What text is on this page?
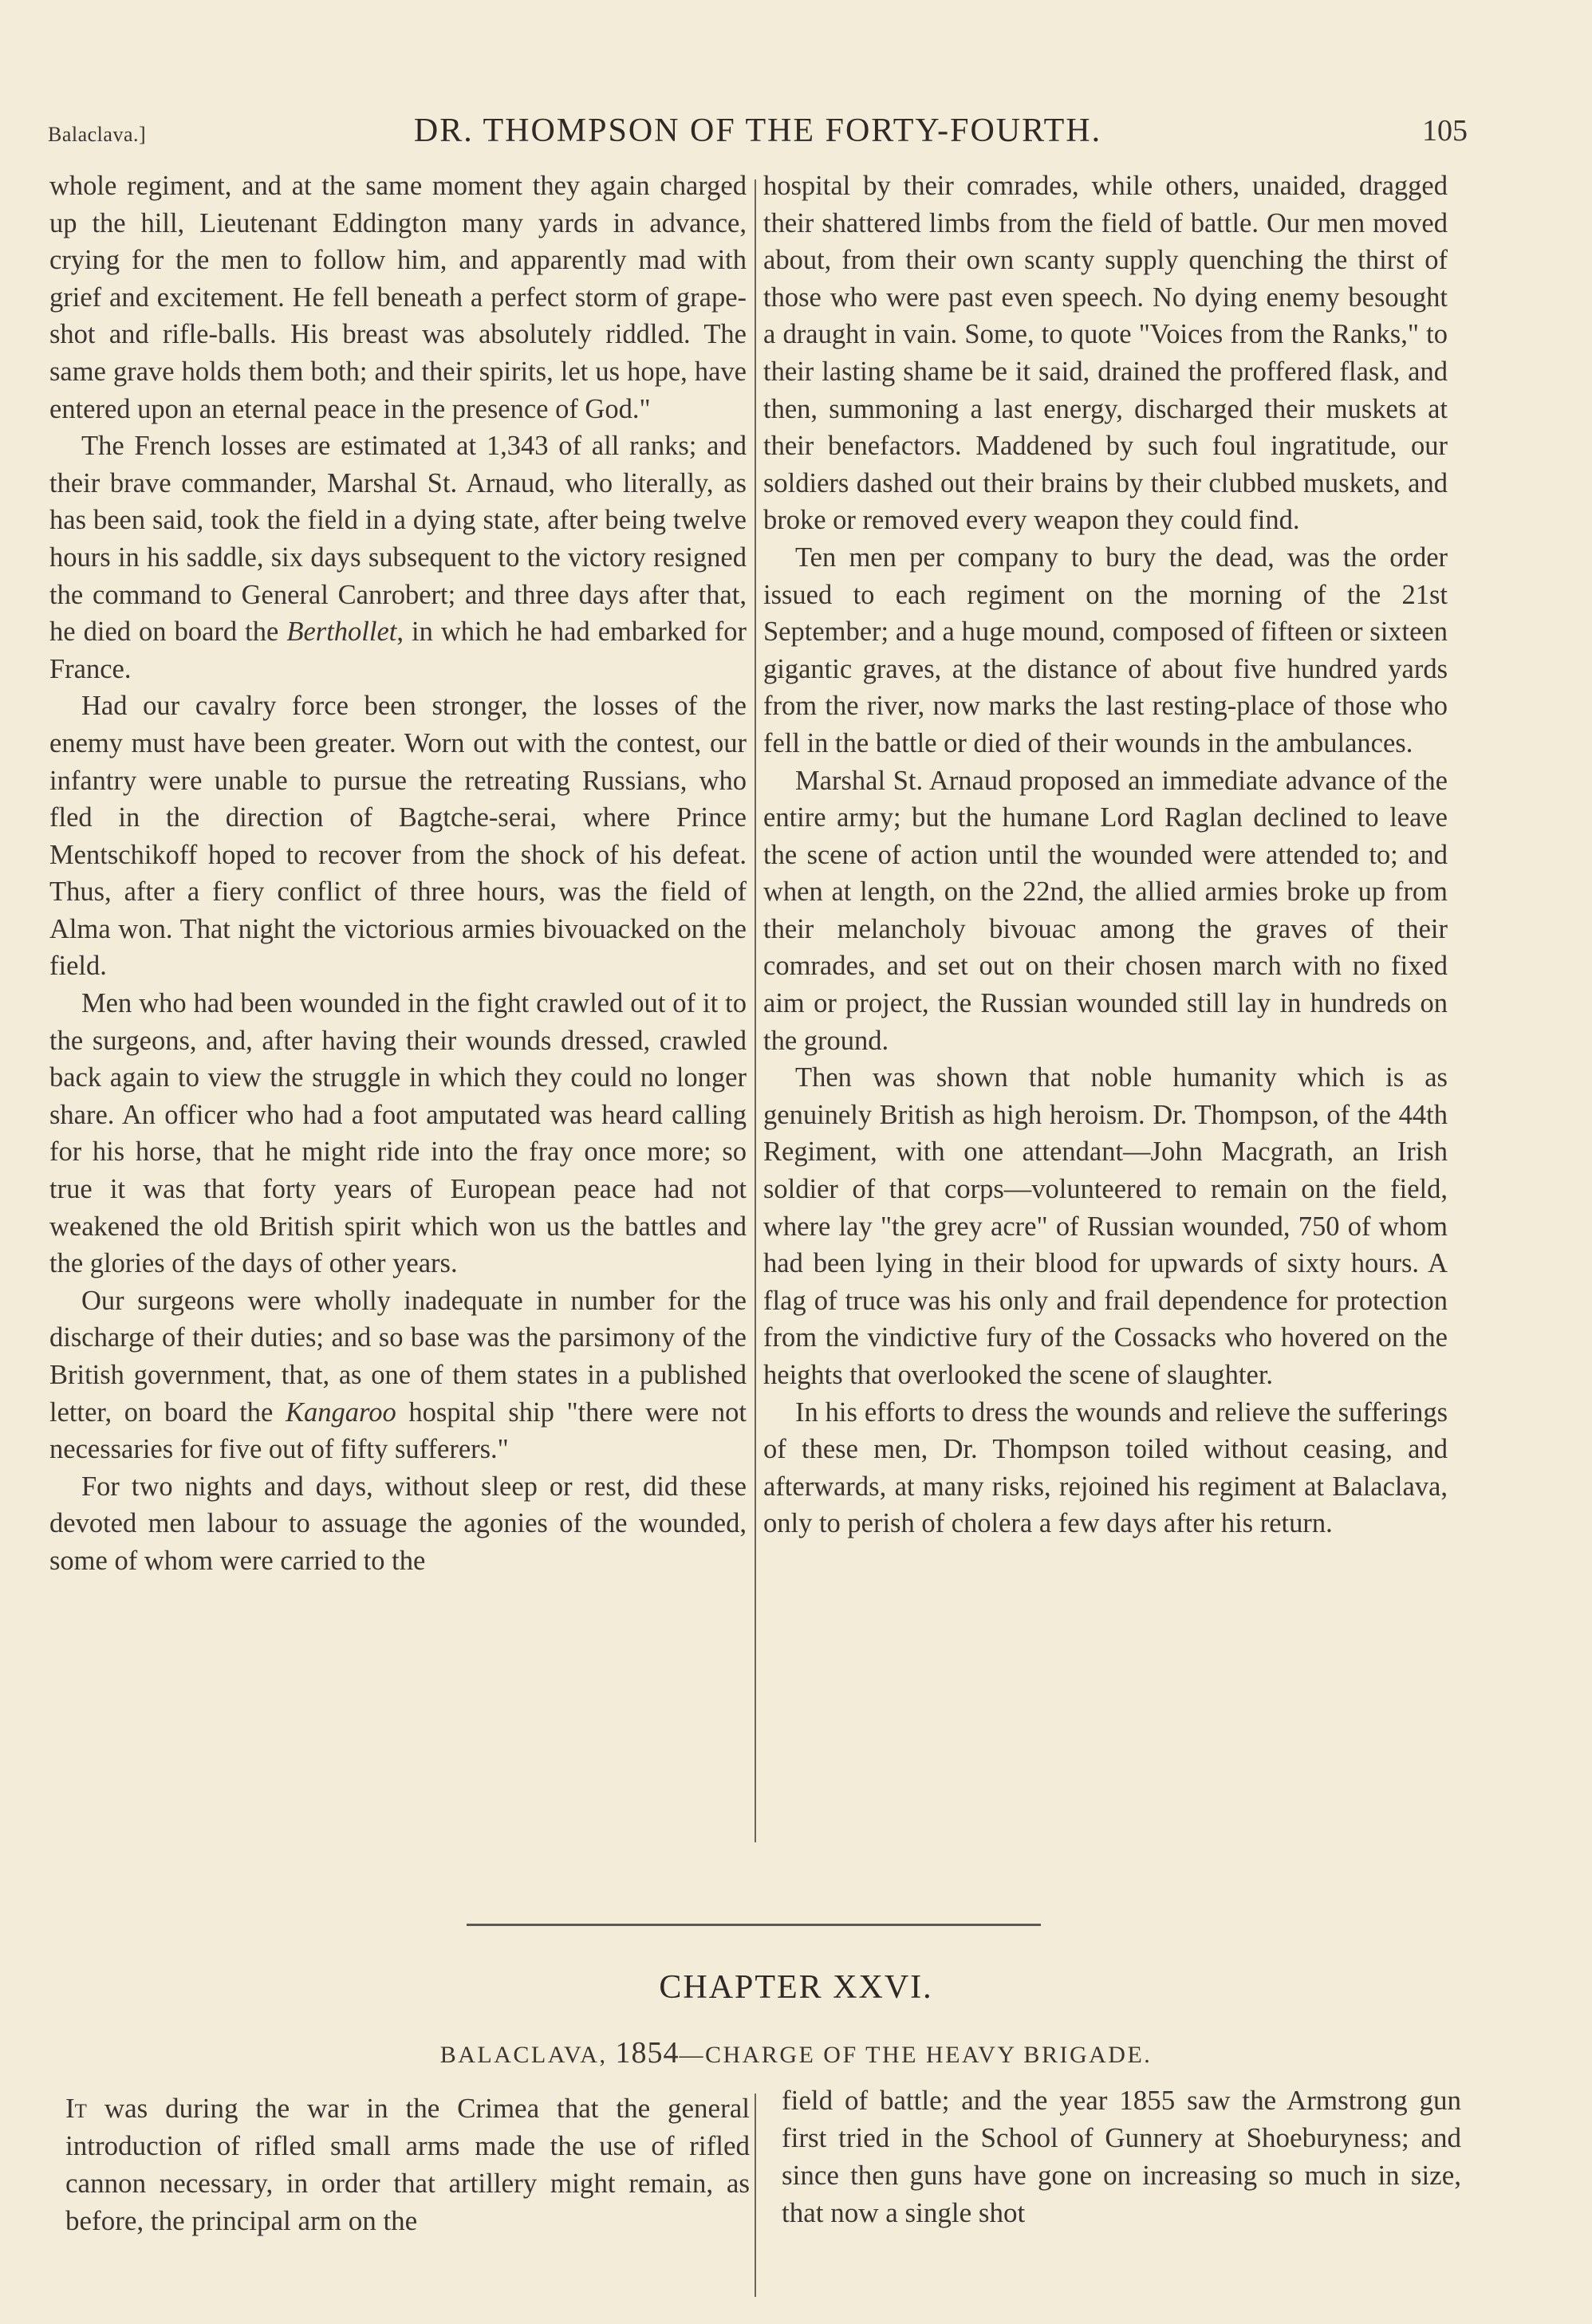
Balaclava.]	DR. THOMPSON OF THE FORTY-FOURTH.	105

whole regiment, and at the same moment they again charged up the hill, Lieutenant Eddington many yards in advance, crying for the men to follow him, and apparently mad with grief and excitement. He fell beneath a perfect storm of grape-shot and rifle-balls. His breast was absolutely riddled. The same grave holds them both; and their spirits, let us hope, have entered upon an eternal peace in the presence of God."

The French losses are estimated at 1,343 of all ranks; and their brave commander, Marshal St. Arnaud, who literally, as has been said, took the field in a dying state, after being twelve hours in his saddle, six days subsequent to the victory resigned the command to General Canrobert; and three days after that, he died on board the Berthollet, in which he had embarked for France.

Had our cavalry force been stronger, the losses of the enemy must have been greater. Worn out with the contest, our infantry were unable to pursue the retreating Russians, who fled in the direction of Bagtche-serai, where Prince Mentschikoff hoped to recover from the shock of his defeat. Thus, after a fiery conflict of three hours, was the field of Alma won. That night the victorious armies bivouacked on the field.

Men who had been wounded in the fight crawled out of it to the surgeons, and, after having their wounds dressed, crawled back again to view the struggle in which they could no longer share. An officer who had a foot amputated was heard calling for his horse, that he might ride into the fray once more; so true it was that forty years of European peace had not weakened the old British spirit which won us the battles and the glories of the days of other years.

Our surgeons were wholly inadequate in number for the discharge of their duties; and so base was the parsimony of the British government, that, as one of them states in a published letter, on board the Kangaroo hospital ship "there were not necessaries for five out of fifty sufferers."

For two nights and days, without sleep or rest, did these devoted men labour to assuage the agonies of the wounded, some of whom were carried to the

hospital by their comrades, while others, unaided, dragged their shattered limbs from the field of battle. Our men moved about, from their own scanty supply quenching the thirst of those who were past even speech. No dying enemy besought a draught in vain. Some, to quote "Voices from the Ranks," to their lasting shame be it said, drained the proffered flask, and then, summoning a last energy, discharged their muskets at their benefactors. Maddened by such foul ingratitude, our soldiers dashed out their brains by their clubbed muskets, and broke or removed every weapon they could find.

Ten men per company to bury the dead, was the order issued to each regiment on the morning of the 21st September; and a huge mound, composed of fifteen or sixteen gigantic graves, at the distance of about five hundred yards from the river, now marks the last resting-place of those who fell in the battle or died of their wounds in the ambulances.

Marshal St. Arnaud proposed an immediate advance of the entire army; but the humane Lord Raglan declined to leave the scene of action until the wounded were attended to; and when at length, on the 22nd, the allied armies broke up from their melancholy bivouac among the graves of their comrades, and set out on their chosen march with no fixed aim or project, the Russian wounded still lay in hundreds on the ground.

Then was shown that noble humanity which is as genuinely British as high heroism. Dr. Thompson, of the 44th Regiment, with one attendant—John Macgrath, an Irish soldier of that corps—volunteered to remain on the field, where lay "the grey acre" of Russian wounded, 750 of whom had been lying in their blood for upwards of sixty hours. A flag of truce was his only and frail dependence for protection from the vindictive fury of the Cossacks who hovered on the heights that overlooked the scene of slaughter.

In his efforts to dress the wounds and relieve the sufferings of these men, Dr. Thompson toiled without ceasing, and afterwards, at many risks, rejoined his regiment at Balaclava, only to perish of cholera a few days after his return.

CHAPTER XXVI.
BALACLAVA, 1854—CHARGE OF THE HEAVY BRIGADE.

It was during the war in the Crimea that the general introduction of rifled small arms made the use of rifled cannon necessary, in order that artillery might remain, as before, the principal arm on the

field of battle; and the year 1855 saw the Armstrong gun first tried in the School of Gunnery at Shoeburyness; and since then guns have gone on increasing so much in size, that now a single shot
